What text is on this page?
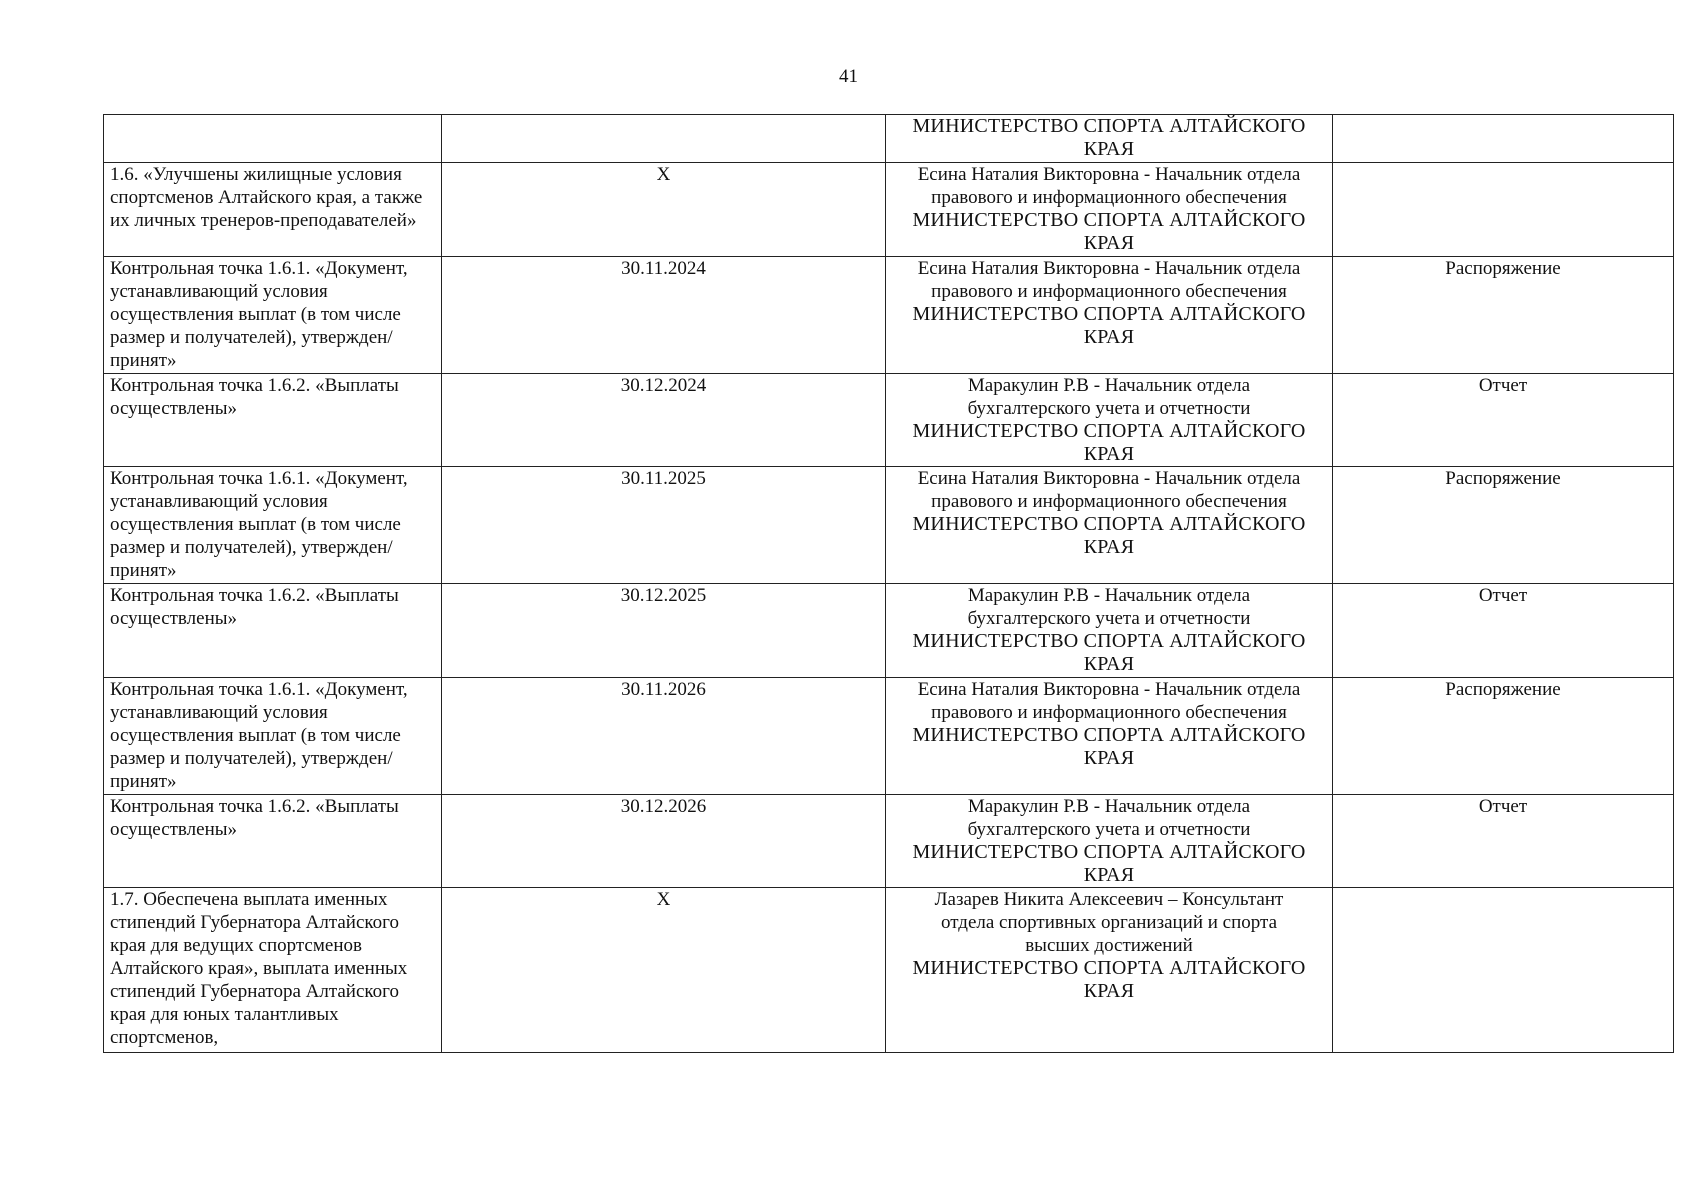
41

		МИНИСТЕРСТВО СПОРТА АЛТАЙСКОГО
КРАЯ	

1.6. «Улучшены жилищные условия спортсменов Алтайского края, а также их личных тренеров-преподавателей»	X	Есина Наталия Викторовна - Начальник отдела
правового и информационного обеспечения
МИНИСТЕРСТВО СПОРТА АЛТАЙСКОГО
КРАЯ	

Контрольная точка 1.6.1. «Документ, устанавливающий условия осуществления выплат (в том числе размер и получателей), утвержден/принят»	30.11.2024	Есина Наталия Викторовна - Начальник отдела
правового и информационного обеспечения
МИНИСТЕРСТВО СПОРТА АЛТАЙСКОГО
КРАЯ	Распоряжение
Контрольная точка 1.6.2. «Выплаты осуществлены»	30.12.2024	Маракулин Р.В - Начальник отдела
бухгалтерского учета и отчетности
МИНИСТЕРСТВО СПОРТА АЛТАЙСКОГО
КРАЯ	Отчет
Контрольная точка 1.6.1. «Документ, устанавливающий условия осуществления выплат (в том числе размер и получателей), утвержден/принят»	30.11.2025	Есина Наталия Викторовна - Начальник отдела
правового и информационного обеспечения
МИНИСТЕРСТВО СПОРТА АЛТАЙСКОГО
КРАЯ	Распоряжение
Контрольная точка 1.6.2. «Выплаты осуществлены»	30.12.2025	Маракулин Р.В - Начальник отдела
бухгалтерского учета и отчетности
МИНИСТЕРСТВО СПОРТА АЛТАЙСКОГО
КРАЯ	Отчет
Контрольная точка 1.6.1. «Документ, устанавливающий условия осуществления выплат (в том числе размер и получателей), утвержден/принят»	30.11.2026	Есина Наталия Викторовна - Начальник отдела
правового и информационного обеспечения
МИНИСТЕРСТВО СПОРТА АЛТАЙСКОГО
КРАЯ	Распоряжение
Контрольная точка 1.6.2. «Выплаты осуществлены»	30.12.2026	Маракулин Р.В - Начальник отдела
бухгалтерского учета и отчетности
МИНИСТЕРСТВО СПОРТА АЛТАЙСКОГО
КРАЯ	Отчет
1.7. Обеспечена выплата именных стипендий Губернатора Алтайского края для ведущих спортсменов Алтайского края», выплата именных стипендий Губернатора Алтайского края для юных талантливых спортсменов,	X	Лазарев Никита Алексеевич – Консультант
отдела спортивных организаций и спорта
высших достижений
МИНИСТЕРСТВО СПОРТА АЛТАЙСКОГО
КРАЯ	
